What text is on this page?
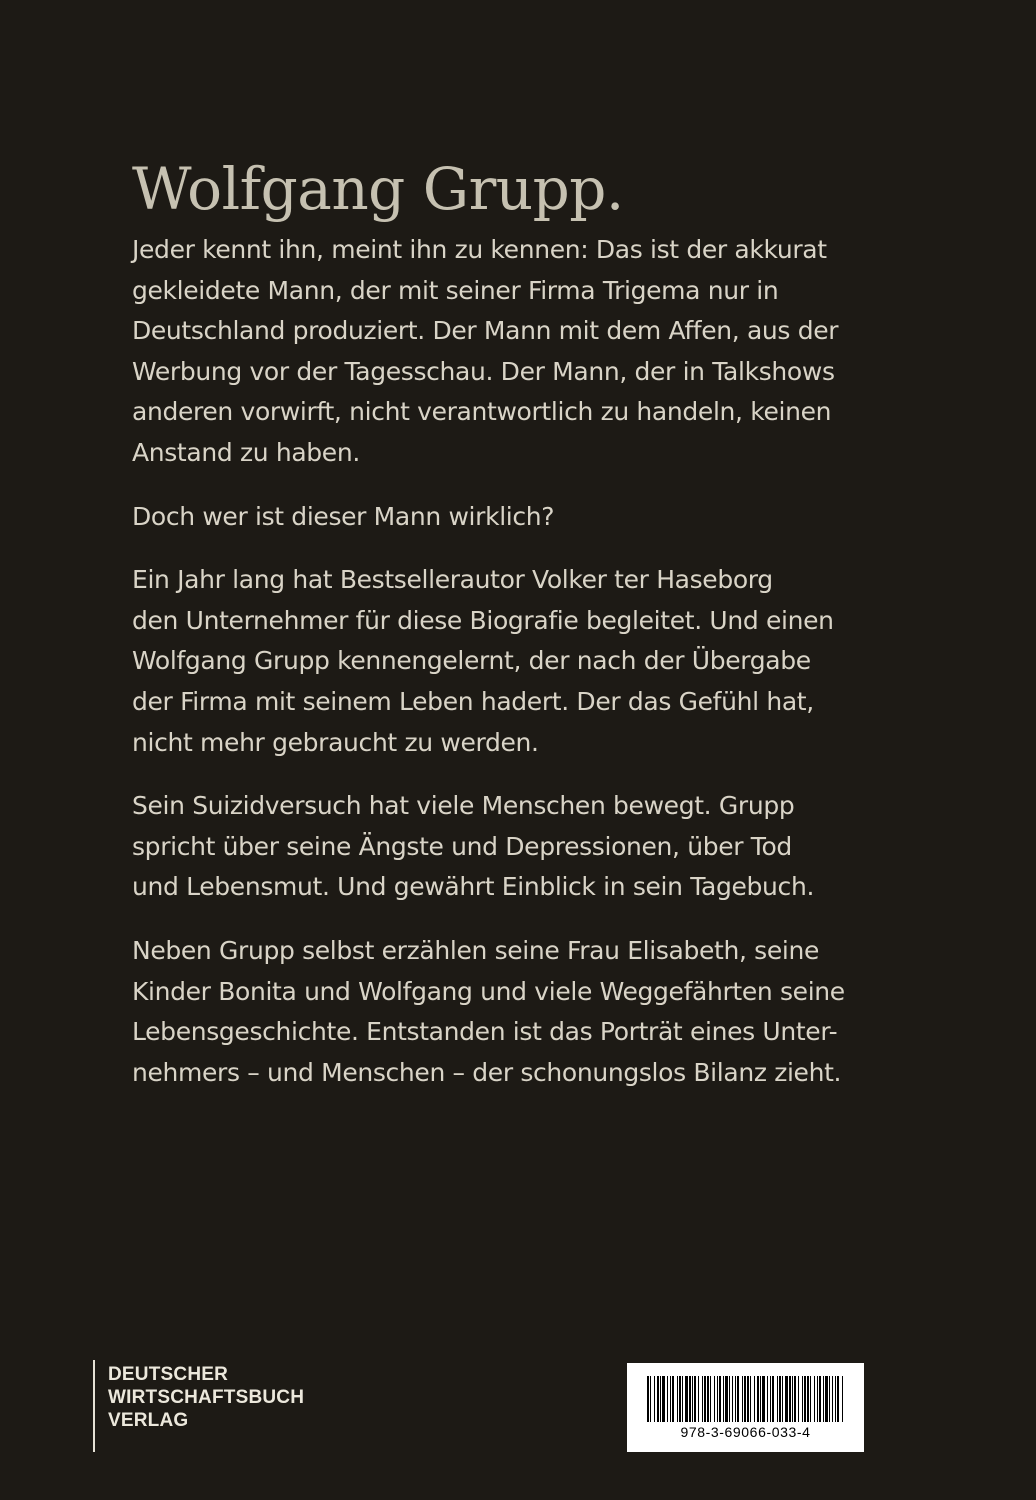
Wolfgang Grupp.

Jeder kennt ihn, meint ihn zu kennen: Das ist der akkurat
gekleidete Mann, der mit seiner Firma Trigema nur in
Deutschland produziert. Der Mann mit dem Affen, aus der
Werbung vor der Tagesschau. Der Mann, der in Talkshows
anderen vorwirft, nicht verantwortlich zu handeln, keinen
Anstand zu haben.

Doch wer ist dieser Mann wirklich?

Ein Jahr lang hat Bestsellerautor Volker ter Haseborg
den Unternehmer für diese Biografie begleitet. Und einen
Wolfgang Grupp kennengelernt, der nach der Übergabe
der Firma mit seinem Leben hadert. Der das Gefühl hat,
nicht mehr gebraucht zu werden.

Sein Suizidversuch hat viele Menschen bewegt. Grupp
spricht über seine Ängste und Depressionen, über Tod
und Lebensmut. Und gewährt Einblick in sein Tagebuch.

Neben Grupp selbst erzählen seine Frau Elisabeth, seine
Kinder Bonita und Wolfgang und viele Weggefährten seine
Lebensgeschichte. Entstanden ist das Porträt eines Unter-
nehmers – und Menschen – der schonungslos Bilanz zieht.

DEUTSCHER
WIRTSCHAFTSBUCH
VERLAG
978-3-69066-033-4
